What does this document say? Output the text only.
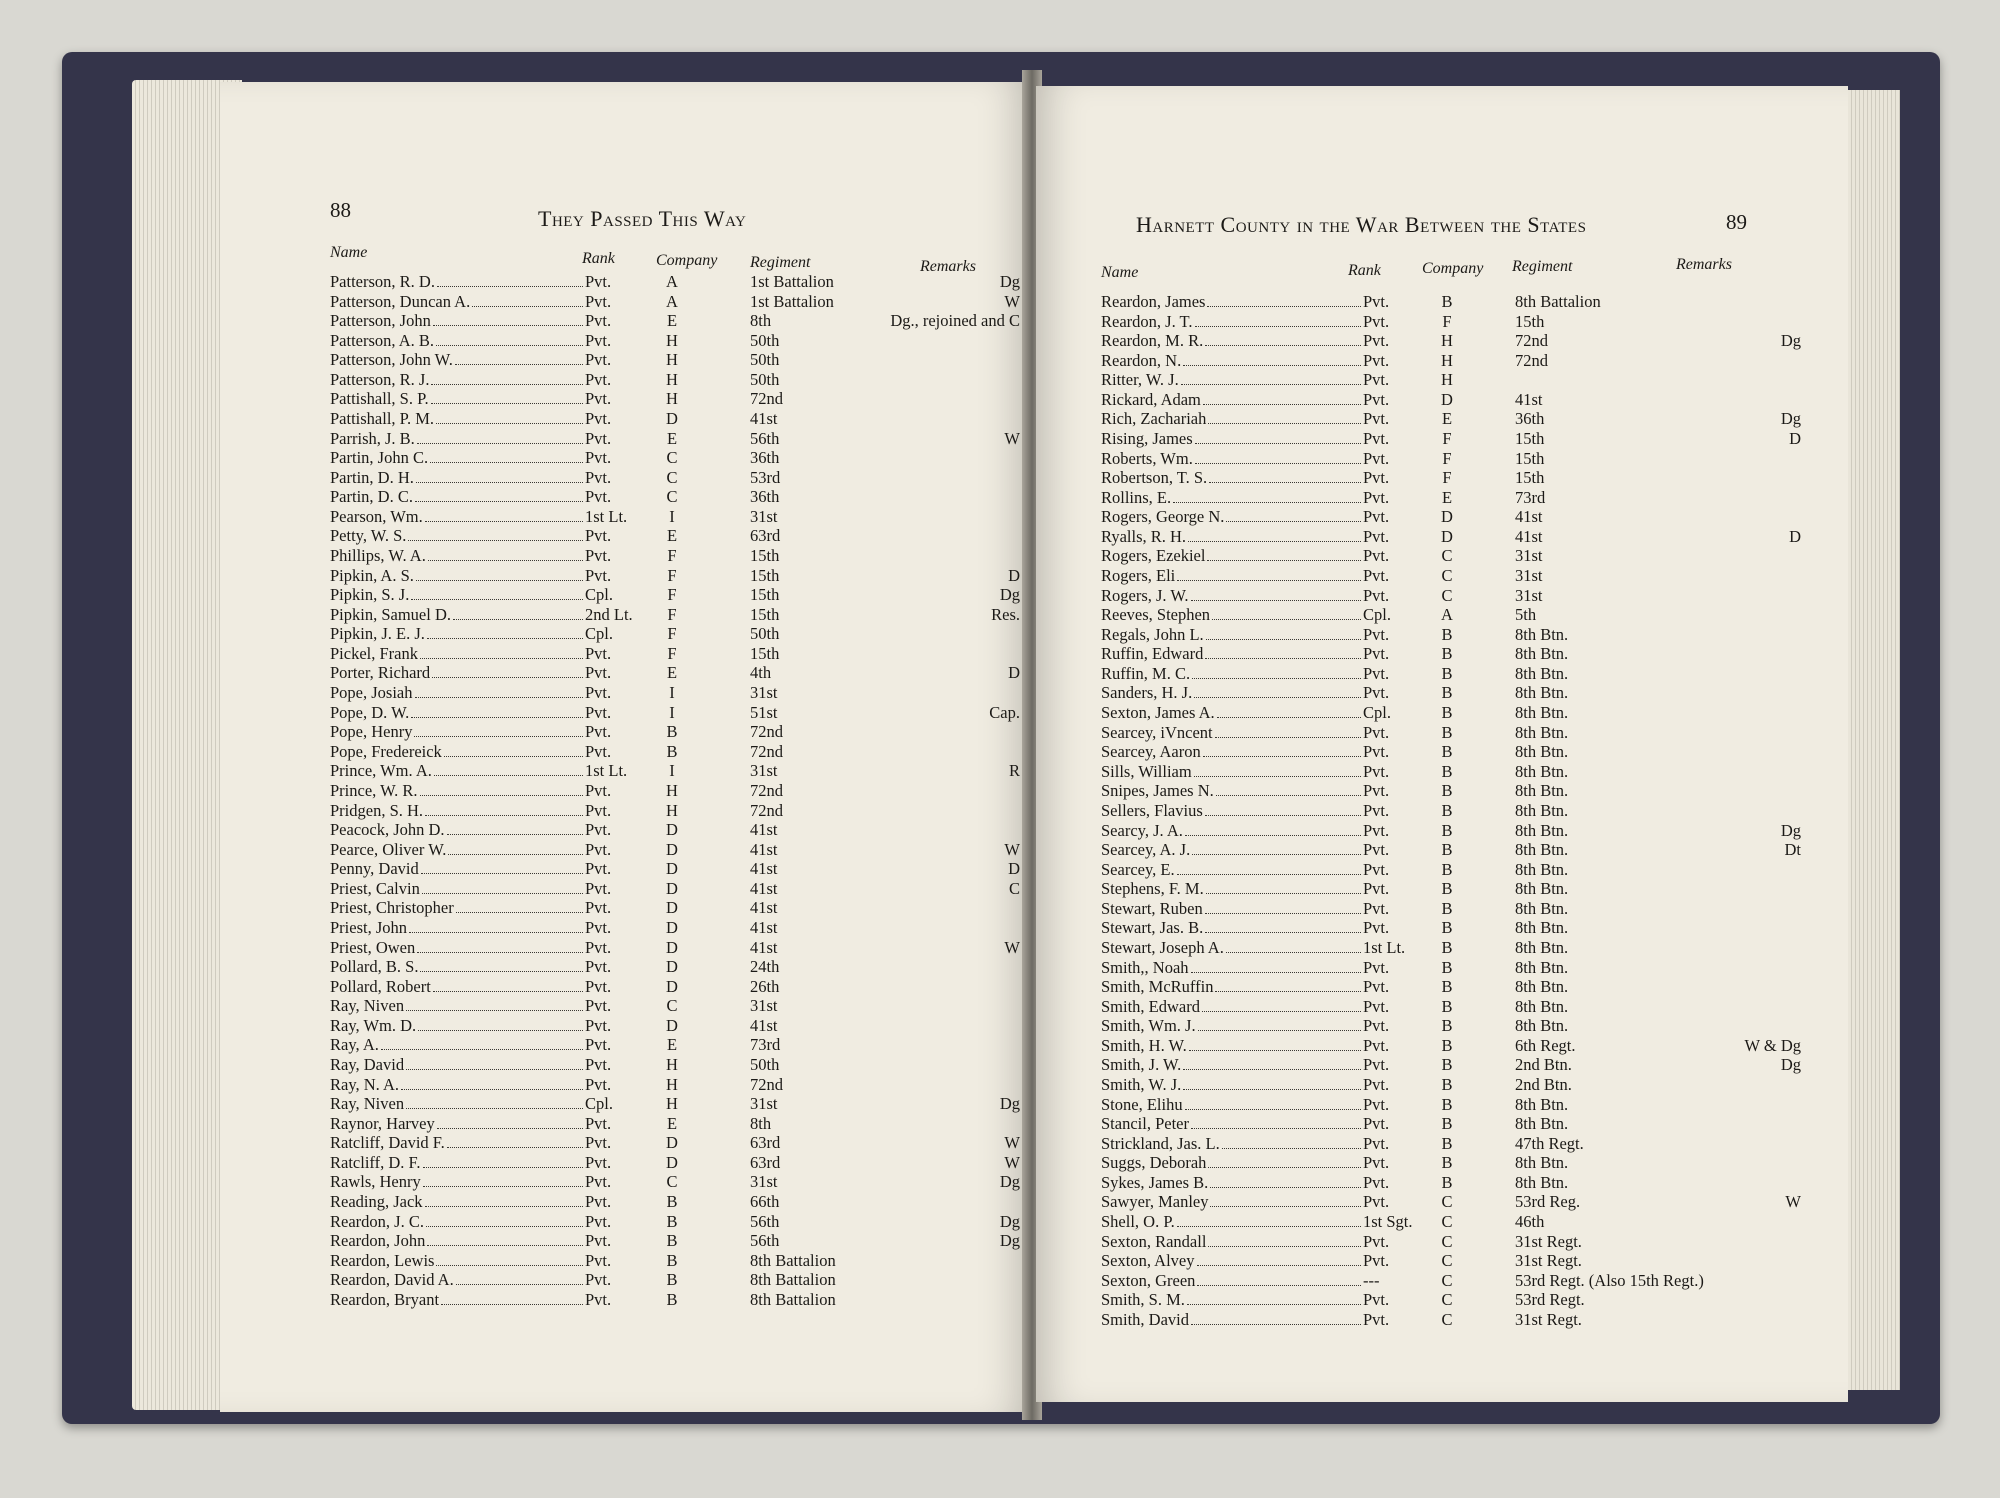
88	They Passed This Way
Name	Rank	Company Regiment	Remarks
Patterson, R. D.	Pvt.	A	1st Battalion	Dg
Patterson, Duncan A.	Pvt.	A	1st Battalion	W
Patterson, John	Pvt.	E	8th	Dg., rejoined and C
Patterson, A. B.	Pvt.	H	50th
Patterson, John W.	Pvt.	H	50th
Patterson, R. J.	Pvt.	H	50th
Pattishall, S. P.	Pvt.	H	72nd
Pattishall, P. M.	Pvt.	D	41st
Parrish, J. B.	Pvt.	E	56th	W
Partin, John C.	Pvt.	C	36th
Partin, D. H.	Pvt.	C	53rd
Partin, D. C.	Pvt.	C	36th
Pearson, Wm.	1st Lt.	I	31st
Petty, W. S.	Pvt.	E	63rd
Phillips, W. A.	Pvt.	F	15th
Pipkin, A. S.	Pvt.	F	15th	D
Pipkin, S. J.	Cpl.	F	15th	Dg
Pipkin, Samuel D.	2nd Lt.	F	15th	Res.
Pipkin, J. E. J.	Cpl.	F	50th
Pickel, Frank	Pvt.	F	15th
Porter, Richard	Pvt.	E	4th	D
Pope, Josiah	Pvt.	I	31st
Pope, D. W.	Pvt.	I	51st	Cap.
Pope, Henry	Pvt.	B	72nd
Pope, Fredereick	Pvt.	B	72nd
Prince, Wm. A.	1st Lt.	I	31st	R
Prince, W. R.	Pvt.	H	72nd
Pridgen, S. H.	Pvt.	H	72nd
Peacock, John D.	Pvt.	D	41st
Pearce, Oliver W.	Pvt.	D	41st	W
Penny, David	Pvt.	D	41st	D
Priest, Calvin	Pvt.	D	41st	C
Priest, Christopher	Pvt.	D	41st
Priest, John	Pvt.	D	41st
Priest, Owen	Pvt.	D	41st	W
Pollard, B. S.	Pvt.	D	24th
Pollard, Robert	Pvt.	D	26th
Ray, Niven	Pvt.	C	31st
Ray, Wm. D.	Pvt.	D	41st
Ray, A.	Pvt.	E	73rd
Ray, David	Pvt.	H	50th
Ray, N. A.	Pvt.	H	72nd
Ray, Niven	Cpl.	H	31st	Dg
Raynor, Harvey	Pvt.	E	8th
Ratcliff, David F.	Pvt.	D	63rd	W
Ratcliff, D. F.	Pvt.	D	63rd	W
Rawls, Henry	Pvt.	C	31st	Dg
Reading, Jack	Pvt.	B	66th
Reardon, J. C.	Pvt.	B	56th	Dg
Reardon, John	Pvt.	B	56th	Dg
Reardon, Lewis	Pvt.	B	8th Battalion
Reardon, David A.	Pvt.	B	8th Battalion
Reardon, Bryant	Pvt.	B	8th Battalion
Harnett County in the War Between the States	89
Name	Rank	Company Regiment	Remarks
Reardon, James	Pvt.	B	8th Battalion
Reardon, J. T.	Pvt.	F	15th
Reardon, M. R.	Pvt.	H	72nd	Dg
Reardon, N.	Pvt.	H	72nd
Ritter, W. J.	Pvt.	H
Rickard, Adam	Pvt.	D	41st
Rich, Zachariah	Pvt.	E	36th	Dg
Rising, James	Pvt.	F	15th	D
Roberts, Wm.	Pvt.	F	15th
Robertson, T. S.	Pvt.	F	15th
Rollins, E.	Pvt.	E	73rd
Rogers, George N.	Pvt.	D	41st
Ryalls, R. H.	Pvt.	D	41st	D
Rogers, Ezekiel	Pvt.	C	31st
Rogers, Eli	Pvt.	C	31st
Rogers, J. W.	Pvt.	C	31st
Reeves, Stephen	Cpl.	A	5th
Regals, John L.	Pvt.	B	8th Btn.
Ruffin, Edward	Pvt.	B	8th Btn.
Ruffin, M. C.	Pvt.	B	8th Btn.
Sanders, H. J.	Pvt.	B	8th Btn.
Sexton, James A.	Cpl.	B	8th Btn.
Searcey, iVncent	Pvt.	B	8th Btn.
Searcey, Aaron	Pvt.	B	8th Btn.
Sills, William	Pvt.	B	8th Btn.
Snipes, James N.	Pvt.	B	8th Btn.
Sellers, Flavius	Pvt.	B	8th Btn.
Searcy, J. A.	Pvt.	B	8th Btn.	Dg
Searcey, A. J.	Pvt.	B	8th Btn.	Dt
Searcey, E.	Pvt.	B	8th Btn.
Stephens, F. M.	Pvt.	B	8th Btn.
Stewart, Ruben	Pvt.	B	8th Btn.
Stewart, Jas. B.	Pvt.	B	8th Btn.
Stewart, Joseph A.	1st Lt. B	8th Btn.
Smith,, Noah	Pvt.	B	8th Btn.
Smith, McRuffin	Pvt.	B	8th Btn.
Smith, Edward	Pvt.	B	8th Btn.
Smith, Wm. J.	Pvt.	B	8th Btn.
Smith, H. W.	Pvt.	B	6th Regt.	W & Dg
Smith, J. W.	Pvt.	B	2nd Btn.	Dg
Smith, W. J.	Pvt.	B	2nd Btn.
Stone, Elihu	Pvt.	B	8th Btn.
Stancil, Peter	Pvt.	B	8th Btn.
Strickland, Jas. L.	Pvt.	B	47th Regt.
Suggs, Deborah	Pvt.	B	8th Btn.
Sykes, James B.	Pvt.	B	8th Btn.
Sawyer, Manley	Pvt.	C	53rd Reg.	W
Shell, O. P.	1st Sgt. C	46th
Sexton, Randall	Pvt.	C	31st Regt.
Sexton, Alvey	Pvt.	C	31st Regt.
Sexton, Green	---	C	53rd Regt. (Also 15th Regt.)
Smith, S. M.	Pvt.	C	53rd Regt.
Smith, David	Pvt.	C	31st Regt.
